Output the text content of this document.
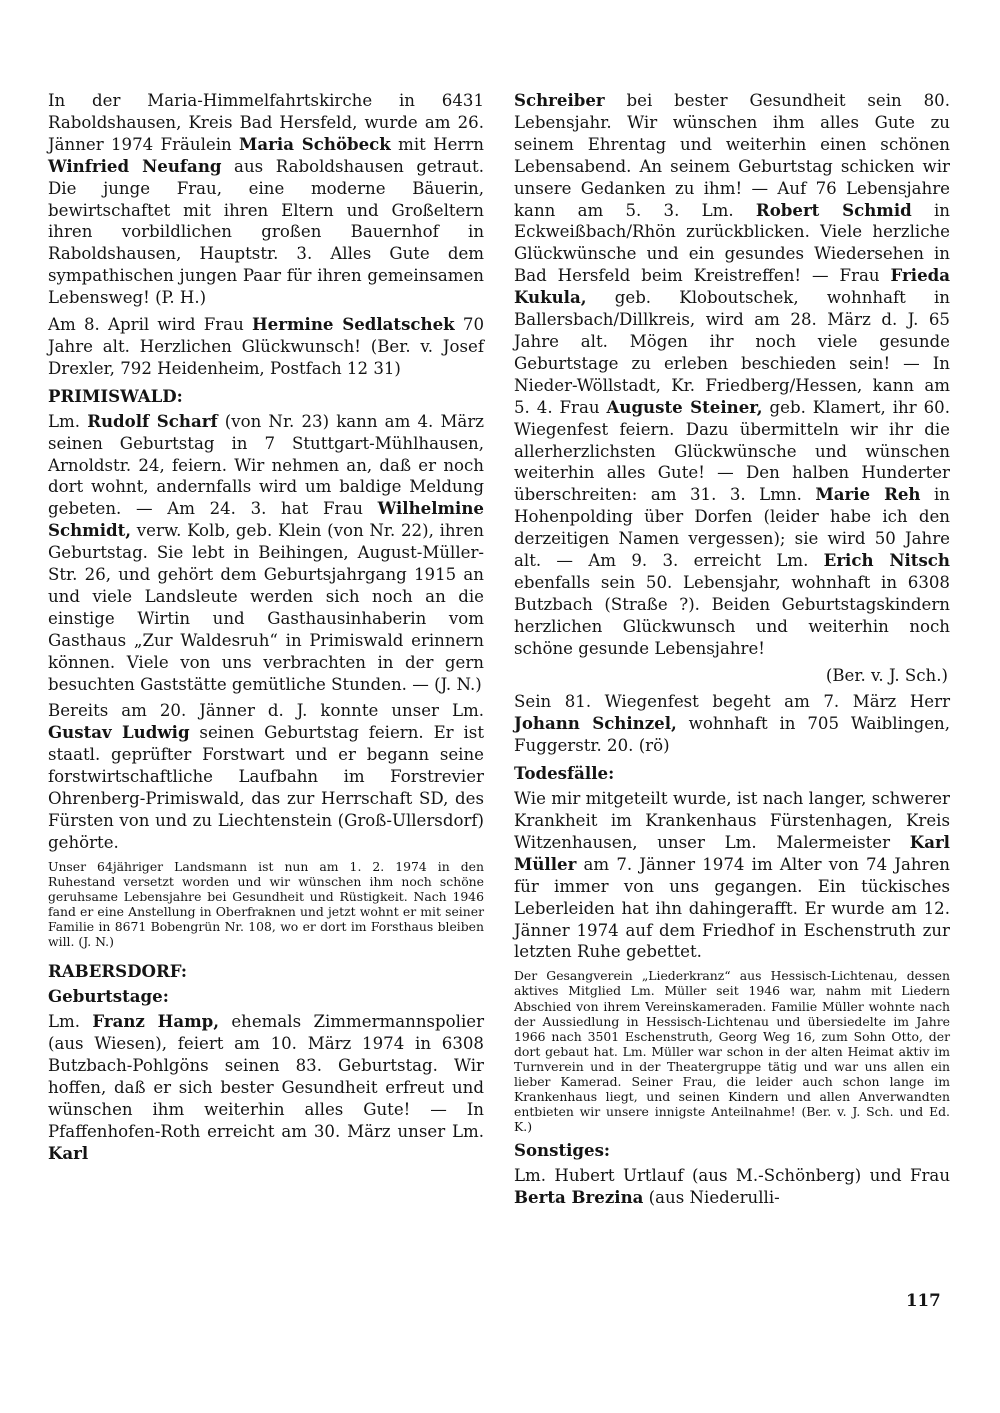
In der Maria-Himmelfahrtskirche in 6431 Raboldshausen, Kreis Bad Hersfeld, wurde am 26. Jänner 1974 Fräulein Maria Schöbeck mit Herrn Winfried Neufang aus Raboldshausen getraut. Die junge Frau, eine moderne Bäuerin, bewirtschaftet mit ihren Eltern und Großeltern ihren vorbildlichen großen Bauernhof in Raboldshausen, Hauptstr. 3. Alles Gute dem sympathischen jungen Paar für ihren gemeinsamen Lebensweg! (P. H.)

Am 8. April wird Frau Hermine Sedlatschek 70 Jahre alt. Herzlichen Glückwunsch! (Ber. v. Josef Drexler, 792 Heidenheim, Postfach 12 31)

PRIMISWALD:

Lm. Rudolf Scharf (von Nr. 23) kann am 4. März seinen Geburtstag in 7 Stuttgart-Mühlhausen, Arnoldstr. 24, feiern. Wir nehmen an, daß er noch dort wohnt, andernfalls wird um baldige Meldung gebeten. — Am 24. 3. hat Frau Wilhelmine Schmidt, verw. Kolb, geb. Klein (von Nr. 22), ihren Geburtstag. Sie lebt in Beihingen, August-Müller-Str. 26, und gehört dem Geburtsjahrgang 1915 an und viele Landsleute werden sich noch an die einstige Wirtin und Gasthausinhaberin vom Gasthaus „Zur Waldesruh“ in Primiswald erinnern können. Viele von uns verbrachten in der gern besuchten Gaststätte gemütliche Stunden. — (J. N.)

Bereits am 20. Jänner d. J. konnte unser Lm. Gustav Ludwig seinen Geburtstag feiern. Er ist staatl. geprüfter Forstwart und er begann seine forstwirtschaftliche Laufbahn im Forstrevier Ohrenberg-Primiswald, das zur Herrschaft SD, des Fürsten von und zu Liechtenstein (Groß-Ullersdorf) gehörte.

Unser 64jähriger Landsmann ist nun am 1. 2. 1974 in den Ruhestand versetzt worden und wir wünschen ihm noch schöne geruhsame Lebensjahre bei Gesundheit und Rüstigkeit. Nach 1946 fand er eine Anstellung in Oberfraknen und jetzt wohnt er mit seiner Familie in 8671 Bobengrün Nr. 108, wo er dort im Forsthaus bleiben will. (J. N.)

RABERSDORF:
Geburtstage:

Lm. Franz Hamp, ehemals Zimmermannspolier (aus Wiesen), feiert am 10. März 1974 in 6308 Butzbach-Pohlgöns seinen 83. Geburtstag. Wir hoffen, daß er sich bester Gesundheit erfreut und wünschen ihm weiterhin alles Gute! — In Pfaffenhofen-Roth erreicht am 30. März unser Lm. Karl

Schreiber bei bester Gesundheit sein 80. Lebensjahr. Wir wünschen ihm alles Gute zu seinem Ehrentag und weiterhin einen schönen Lebensabend. An seinem Geburtstag schicken wir unsere Gedanken zu ihm! — Auf 76 Lebensjahre kann am 5. 3. Lm. Robert Schmid in Eckweißbach/Rhön zurückblicken. Viele herzliche Glückwünsche und ein gesundes Wiedersehen in Bad Hersfeld beim Kreistreffen! — Frau Frieda Kukula, geb. Kloboutschek, wohnhaft in Ballersbach/Dillkreis, wird am 28. März d. J. 65 Jahre alt. Mögen ihr noch viele gesunde Geburtstage zu erleben beschieden sein! — In Nieder-Wöllstadt, Kr. Friedberg/Hessen, kann am 5. 4. Frau Auguste Steiner, geb. Klamert, ihr 60. Wiegenfest feiern. Dazu übermitteln wir ihr die allerherzlichsten Glückwünsche und wünschen weiterhin alles Gute! — Den halben Hunderter überschreiten: am 31. 3. Lmn. Marie Reh in Hohenpolding über Dorfen (leider habe ich den derzeitigen Namen vergessen); sie wird 50 Jahre alt. — Am 9. 3. erreicht Lm. Erich Nitsch ebenfalls sein 50. Lebensjahr, wohnhaft in 6308 Butzbach (Straße ?). Beiden Geburtstagskindern herzlichen Glückwunsch und weiterhin noch schöne gesunde Lebensjahre!

(Ber. v. J. Sch.)

Sein 81. Wiegenfest begeht am 7. März Herr Johann Schinzel, wohnhaft in 705 Waiblingen, Fuggerstr. 20. (rö)

Todesfälle:

Wie mir mitgeteilt wurde, ist nach langer, schwerer Krankheit im Krankenhaus Fürstenhagen, Kreis Witzenhausen, unser Lm. Malermeister Karl Müller am 7. Jänner 1974 im Alter von 74 Jahren für immer von uns gegangen. Ein tückisches Leberleiden hat ihn dahingerafft. Er wurde am 12. Jänner 1974 auf dem Friedhof in Eschenstruth zur letzten Ruhe gebettet.

Der Gesangverein „Liederkranz“ aus Hessisch-Lichtenau, dessen aktives Mitglied Lm. Müller seit 1946 war, nahm mit Liedern Abschied von ihrem Vereinskameraden. Familie Müller wohnte nach der Aussiedlung in Hessisch-Lichtenau und übersiedelte im Jahre 1966 nach 3501 Eschenstruth, Georg Weg 16, zum Sohn Otto, der dort gebaut hat. Lm. Müller war schon in der alten Heimat aktiv im Turnverein und in der Theatergruppe tätig und war uns allen ein lieber Kamerad. Seiner Frau, die leider auch schon lange im Krankenhaus liegt, und seinen Kindern und allen Anverwandten entbieten wir unsere innigste Anteilnahme! (Ber. v. J. Sch. und Ed. K.)

Sonstiges:

Lm. Hubert Urtlauf (aus M.-Schönberg) und Frau Berta Brezina (aus Niederulli-

117
